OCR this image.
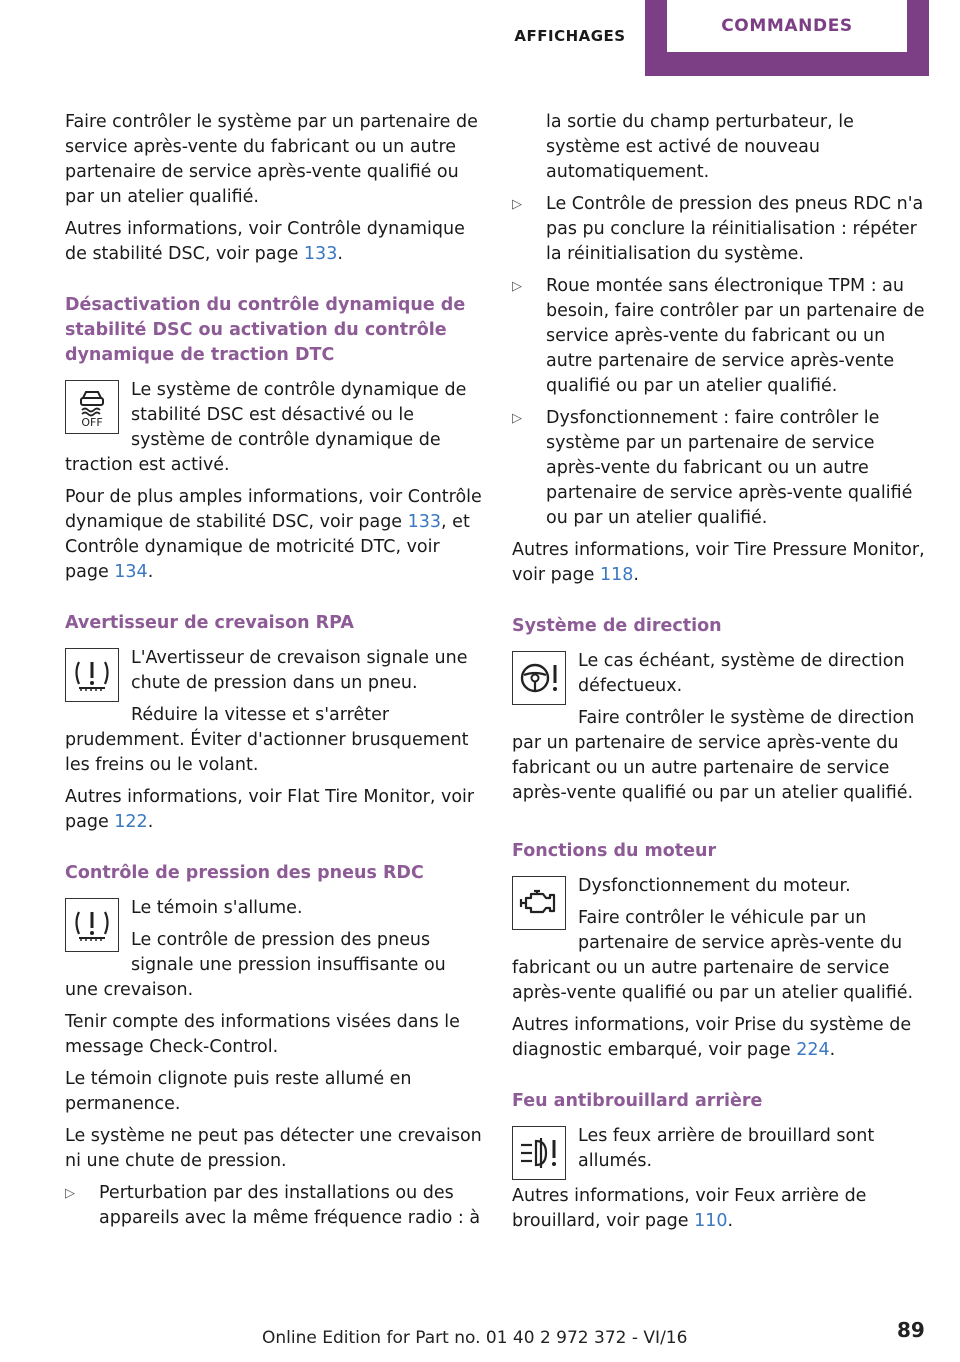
AFFICHAGES	COMMANDES

Faire contrôler le système par un partenaire de service après-vente du fabricant ou un autre partenaire de service après-vente qualifié ou par un atelier qualifié.

Autres informations, voir Contrôle dynamique de stabilité DSC, voir page 133.

Désactivation du contrôle dynamique de stabilité DSC ou activation du contrôle dynamique de traction DTC
OFF

Le système de contrôle dynamique de stabilité DSC est désactivé ou le système de contrôle dynamique de traction est activé.

Pour de plus amples informations, voir Contrôle dynamique de stabilité DSC, voir page 133, et Contrôle dynamique de motricité DTC, voir page 134.

Avertisseur de crevaison RPA

L'Avertisseur de crevaison signale une chute de pression dans un pneu.

Réduire la vitesse et s'arrêter prudemment. Éviter d'actionner brusquement les freins ou le volant.

Autres informations, voir Flat Tire Monitor, voir page 122.

Contrôle de pression des pneus RDC

Le témoin s'allume.

Le contrôle de pression des pneus signale une pression insuffisante ou une crevaison.

Tenir compte des informations visées dans le message Check-Control.

Le témoin clignote puis reste allumé en permanence.

Le système ne peut pas détecter une crevaison ni une chute de pression.

▷ Perturbation par des installations ou des appareils avec la même fréquence radio : à
la sortie du champ perturbateur, le système est activé de nouveau automatiquement.
▷ Le Contrôle de pression des pneus RDC n'a pas pu conclure la réinitialisation : répéter la réinitialisation du système.
▷ Roue montée sans électronique TPM : au besoin, faire contrôler par un partenaire de service après-vente du fabricant ou un autre partenaire de service après-vente qualifié ou par un atelier qualifié.
▷ Dysfonctionnement : faire contrôler le système par un partenaire de service après-vente du fabricant ou un autre partenaire de service après-vente qualifié ou par un atelier qualifié.

Autres informations, voir Tire Pressure Monitor, voir page 118.

Système de direction

Le cas échéant, système de direction défectueux.

Faire contrôler le système de direction par un partenaire de service après-vente du fabricant ou un autre partenaire de service après-vente qualifié ou par un atelier qualifié.

Fonctions du moteur

Dysfonctionnement du moteur.

Faire contrôler le véhicule par un partenaire de service après-vente du fabricant ou un autre partenaire de service après-vente qualifié ou par un atelier qualifié.

Autres informations, voir Prise du système de diagnostic embarqué, voir page 224.

Feu antibrouillard arrière

Les feux arrière de brouillard sont allumés.

Autres informations, voir Feux arrière de brouillard, voir page 110.

Online Edition for Part no. 01 40 2 972 372 - VI/16	89
